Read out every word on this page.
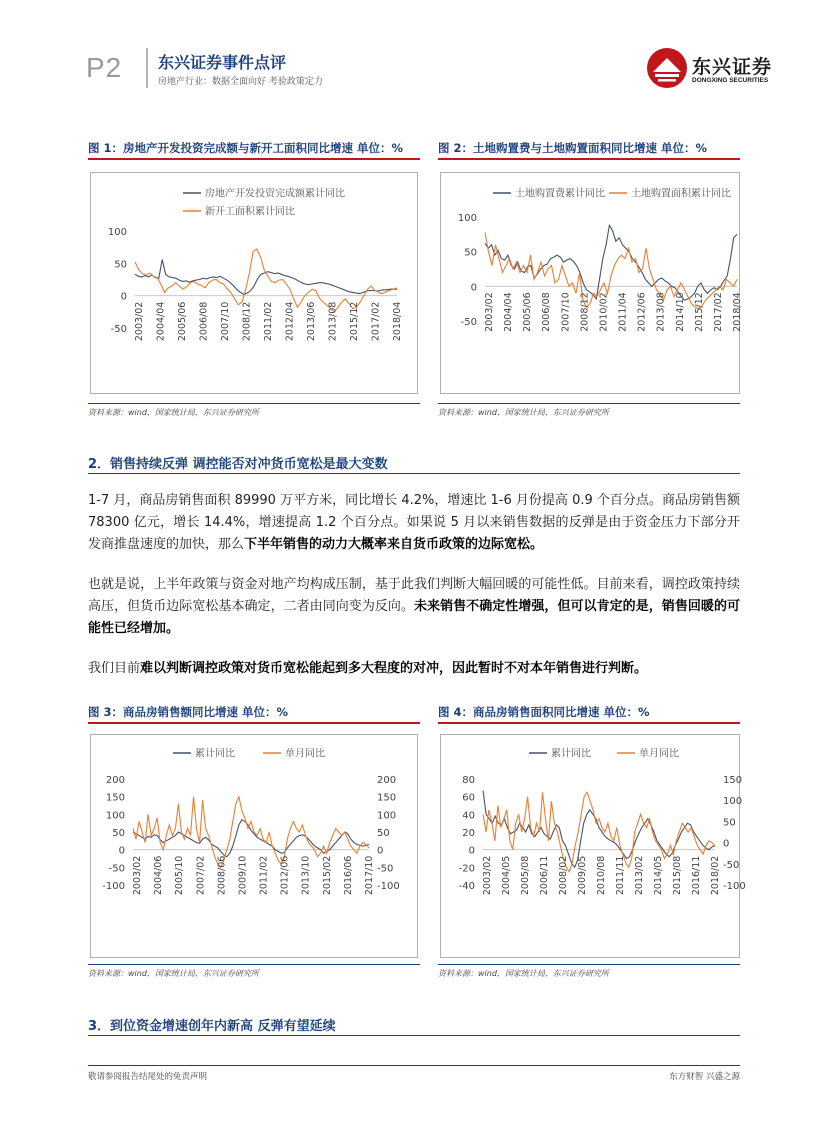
P2 东兴证券事件点评
房地产行业：数据全面向好 考验政策定力
东兴证券
DONGXING SECURITIES
图 1：房地产开发投资完成额与新开工面积同比增速 单位：%
100
50
0
-50 2003/02 2004/04 2005/06 2006/08 2007/10 2008/12 2011/02 2012/04 2013/06 2013/08 2015/12 2017/02 2018/04
房地产开发投资完成额累计同比
新开工面积累计同比
资料来源：wind，国家统计局，东兴证券研究所
图 2：土地购置费与土地购置面积同比增速 单位：%
100
50
0
-50 2003/02 2004/04 2005/06 2006/08 2007/10 2008/12 2010/02 2011/04 2012/06 2013/08 2014/10 2015/12 2017/02 2018/04
土地购置费累计同比	土地购置面积累计同比
资料来源：wind，国家统计局，东兴证券研究所
2．销售持续反弹 调控能否对冲货币宽松是最大变数
1-7 月，商品房销售面积 89990 万平方米，同比增长 4.2%，增速比 1-6 月份提高 0.9 个百分点。商品房销售额 78300 亿元，增长 14.4%，增速提高 1.2 个百分点。如果说 5 月以来销售数据的反弹是由于资金压力下部分开发商推盘速度的加快，那么下半年销售的动力大概率来自货币政策的边际宽松。
也就是说，上半年政策与资金对地产均构成压制，基于此我们判断大幅回暖的可能性低。目前来看，调控政策持续高压，但货币边际宽松基本确定，二者由同向变为反向。未来销售不确定性增强，但可以肯定的是，销售回暖的可能性已经增加。
我们目前难以判断调控政策对货币宽松能起到多大程度的对冲，因此暂时不对本年销售进行判断。
图 3：商品房销售额同比增速 单位：%
200
150
100
50
0
-50
-100
200
150
100
50
0
-50
-100
2003/02 2004/06 2005/10 2007/02 2008/06 2009/10 2011/02 2012/06 2013/10 2015/02 2016/06 2017/10
累计同比	单月同比
资料来源：wind，国家统计局，东兴证券研究所
图 4：商品房销售面积同比增速 单位：%
80
60
40
20
0
-20
-40
150
100
50
0
-50
-100
2003/02 2004/05 2005/08 2006/11 2008/02 2009/05 2010/08 2011/11 2013/02 2014/05 2015/08 2016/11 2018/02
累计同比	单月同比
资料来源：wind，国家统计局，东兴证券研究所
3．到位资金增速创年内新高 反弹有望延续
敬请参阅报告结尾处的免责声明	东方财智 兴盛之源
